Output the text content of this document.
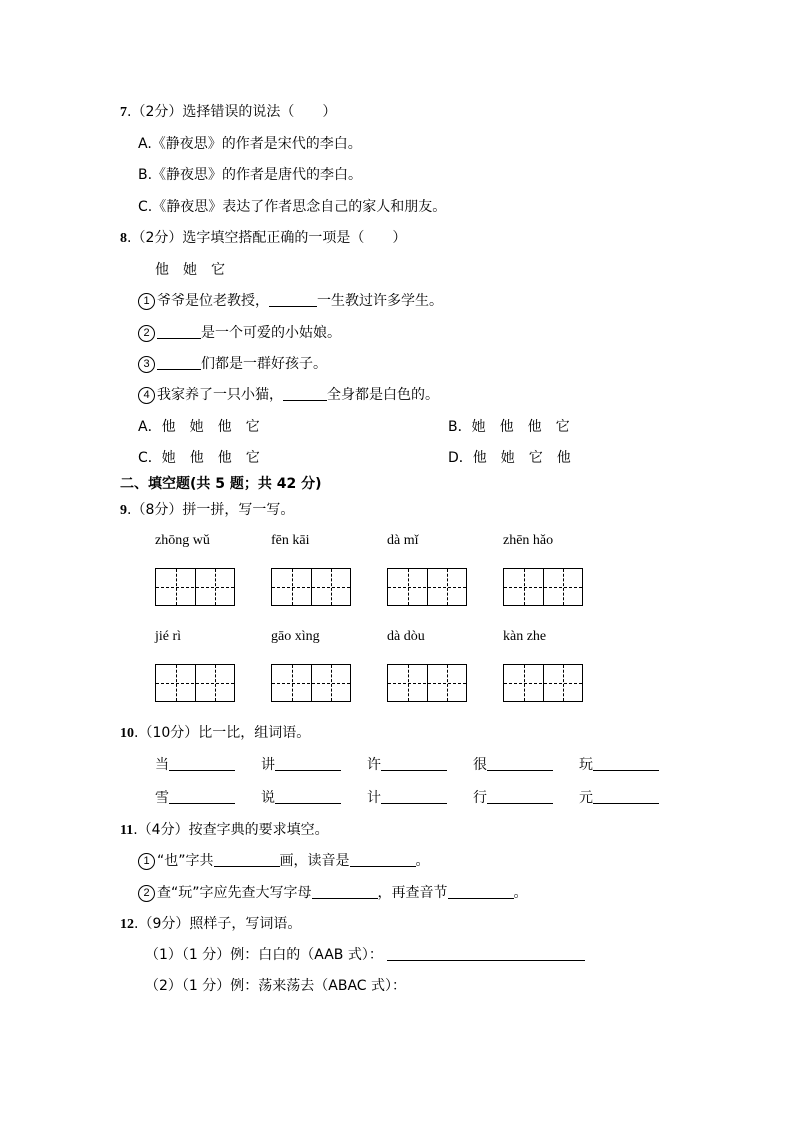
7.（2分）选择错误的说法（　　）
A.《静夜思》的作者是宋代的李白。
B.《静夜思》的作者是唐代的李白。
C.《静夜思》表达了作者思念自己的家人和朋友。
8.（2分）选字填空搭配正确的一项是（　　）
他　她　它
1 爷爷是位老教授，	一生教过许多学生。
2	是一个可爱的小姑娘。
3	们都是一群好孩子。
4 我家养了一只小猫，	全身都是白色的。
A．他　她　他　它	B．她　他　他　它
C．她　他　他　它	D．他　她　它　他
二、填空题(共 5 题；共 42 分)
9.（8分）拼一拼，写一写。
zhōng wǔ	fēn kāi	dà mǐ	zhēn hǎo
jié rì	gāo xìng	dà dòu	kàn zhe
10.（10分）比一比，组词语。
当	讲	许	很	玩
雪	说	计	行	元
11.（4分）按查字典的要求填空。
1 “也”字共	画，读音是	。
2 查“玩”字应先查大写字母	，再查音节	。
12.（9分）照样子，写词语。
（1）（1 分）例：白白的（AAB 式）：
（2）（1 分）例：荡来荡去（ABAC 式）：
